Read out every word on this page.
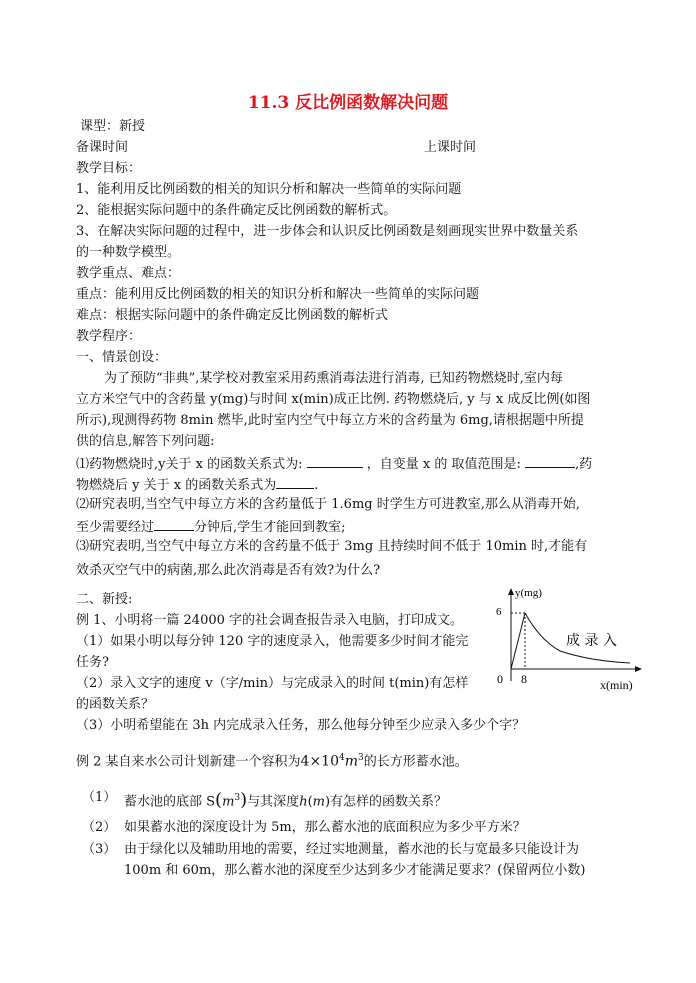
11.3 反比例函数解决问题
课型：新授
备课时间	上课时间
教学目标：
1、能利用反比例函数的相关的知识分析和解决一些简单的实际问题
2、能根据实际问题中的条件确定反比例函数的解析式。
3、在解决实际问题的过程中，进一步体会和认识反比例函数是刻画现实世界中数量关系
的一种数学模型。
教学重点、难点：
重点：能利用反比例函数的相关的知识分析和解决一些简单的实际问题
难点：根据实际问题中的条件确定反比例函数的解析式
教学程序：
一、情景创设：
为了预防“非典”,某学校对教室采用药熏消毒法进行消毒, 已知药物燃烧时,室内每
立方米空气中的含药量 y(mg)与时间 x(min)成正比例. 药物燃烧后, y 与 x 成反比例(如图
所示),现测得药物 8min 燃毕,此时室内空气中每立方米的含药量为 6mg,请根据题中所提
供的信息,解答下列问题:
⑴药物燃烧时,y关于 x 的函数关系式为:	，自变量 x 的 取值范围是:	,药
物燃烧后 y 关于 x 的函数关系式为	.
⑵研究表明,当空气中每立方米的含药量低于 1.6mg 时学生方可进教室,那么从消毒开始,
至少需要经过	分钟后,学生才能回到教室;
⑶研究表明,当空气中每立方米的含药量不低于 3mg 且持续时间不低于 10min 时,才能有
效杀灭空气中的病菌,那么此次消毒是否有效?为什么?
二、新授:
例 1、小明将一篇 24000 字的社会调查报告录入电脑，打印成文。
（1）如果小明以每分钟 120 字的速度录入，他需要多少时间才能完
任务?
（2）录入文字的速度 v（字/min）与完成录入的时间 t(min)有怎样
的函数关系？
（3）小明希望能在 3h 内完成录入任务，那么他每分钟至少应录入多少个字？
例 2 某自来水公司计划新建一个容积为$4\times 10^4m^3$的长方形蓄水池。
（1） 蓄水池的底部 $S(m^3)$与其深度h(m)有怎样的函数关系？
（2） 如果蓄水池的深度设计为 5m，那么蓄水池的底面积应为多少平方米？
（3） 由于绿化以及辅助用地的需要，经过实地测量，蓄水池的长与宽最多只能设计为
100m 和 60m，那么蓄水池的深度至少达到多少才能满足要求？(保留两位小数)
y(mg)
6
8
0	x(min)
成 录 入
